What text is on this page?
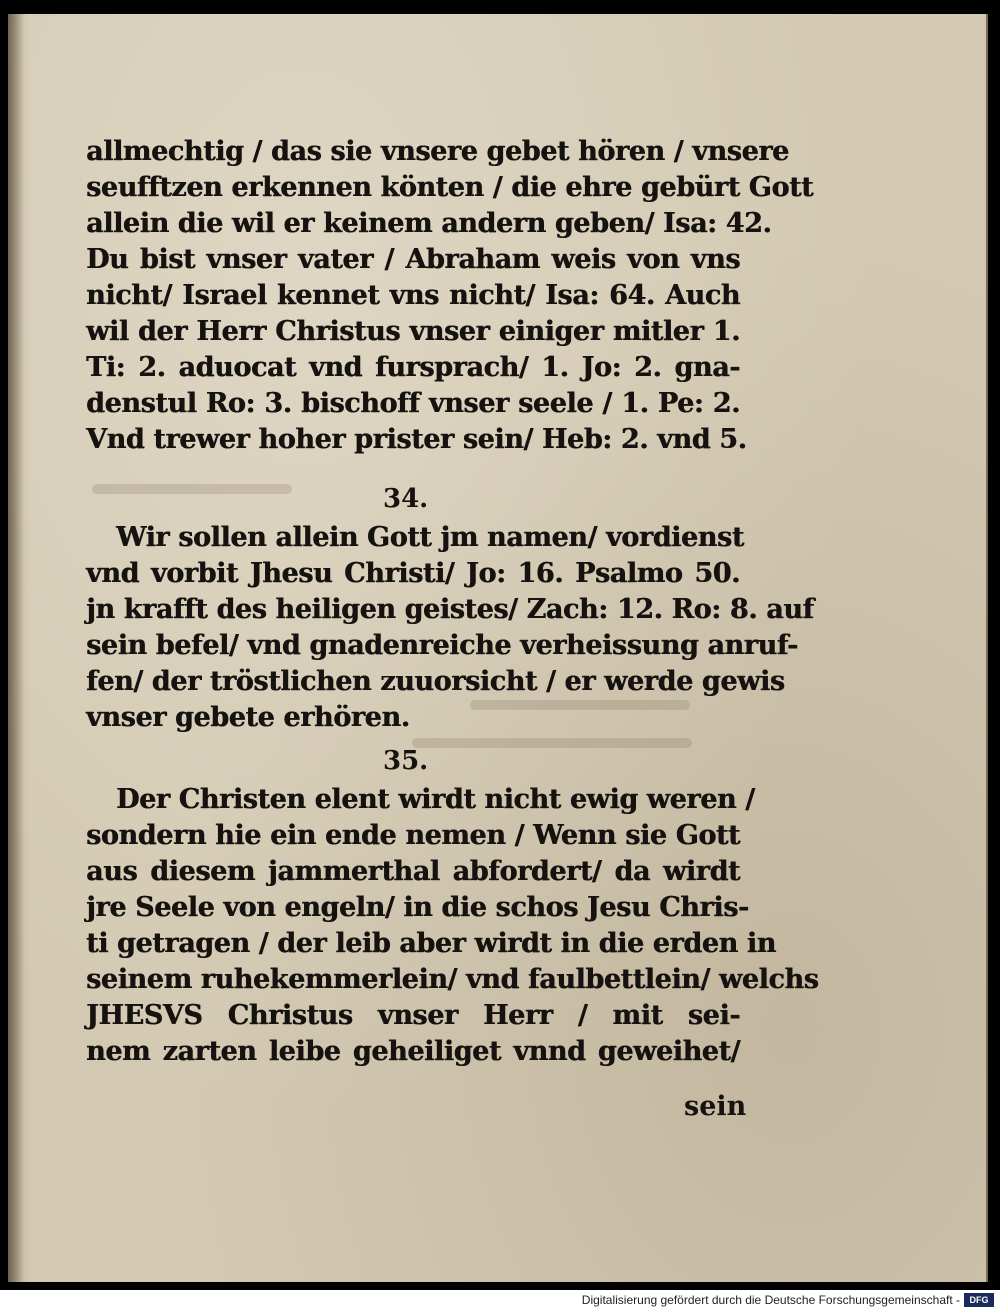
allmechtig / das sie vnsere gebet hören / vnsere
seufftzen erkennen könten / die ehre gebürt Gott
allein die wil er keinem andern geben/ Isa: 42.
Du bist vnser vater / Abraham weis von vns
nicht/ Israel kennet vns nicht/ Isa: 64. Auch
wil der Herr Christus vnser einiger mitler 1.
Ti: 2. aduocat vnd fursprach/ 1. Jo: 2. gna-
denstul Ro: 3. bischoff vnser seele / 1. Pe: 2.
Vnd trewer hoher prister sein/ Heb: 2. vnd 5.
34.
Wir sollen allein Gott jm namen/ vordienst
vnd vorbit Jhesu Christi/ Jo: 16. Psalmo 50.
jn krafft des heiligen geistes/ Zach: 12. Ro: 8. auf
sein befel/ vnd gnadenreiche verheissung anruf-
fen/ der tröstlichen zuuorsicht / er werde gewis
vnser gebete erhören.
35.
Der Christen elent wirdt nicht ewig weren /
sondern hie ein ende nemen / Wenn sie Gott
aus diesem jammerthal abfordert/ da wirdt
jre Seele von engeln/ in die schos Jesu Chris-
ti getragen / der leib aber wirdt in die erden in
seinem ruhekemmerlein/ vnd faulbettlein/ welchs
JHESVS Christus vnser Herr / mit sei-
nem zarten leibe geheiliget vnnd geweihet/
sein
Digitalisierung gefördert durch die Deutsche Forschungsgemeinschaft -	DFG
